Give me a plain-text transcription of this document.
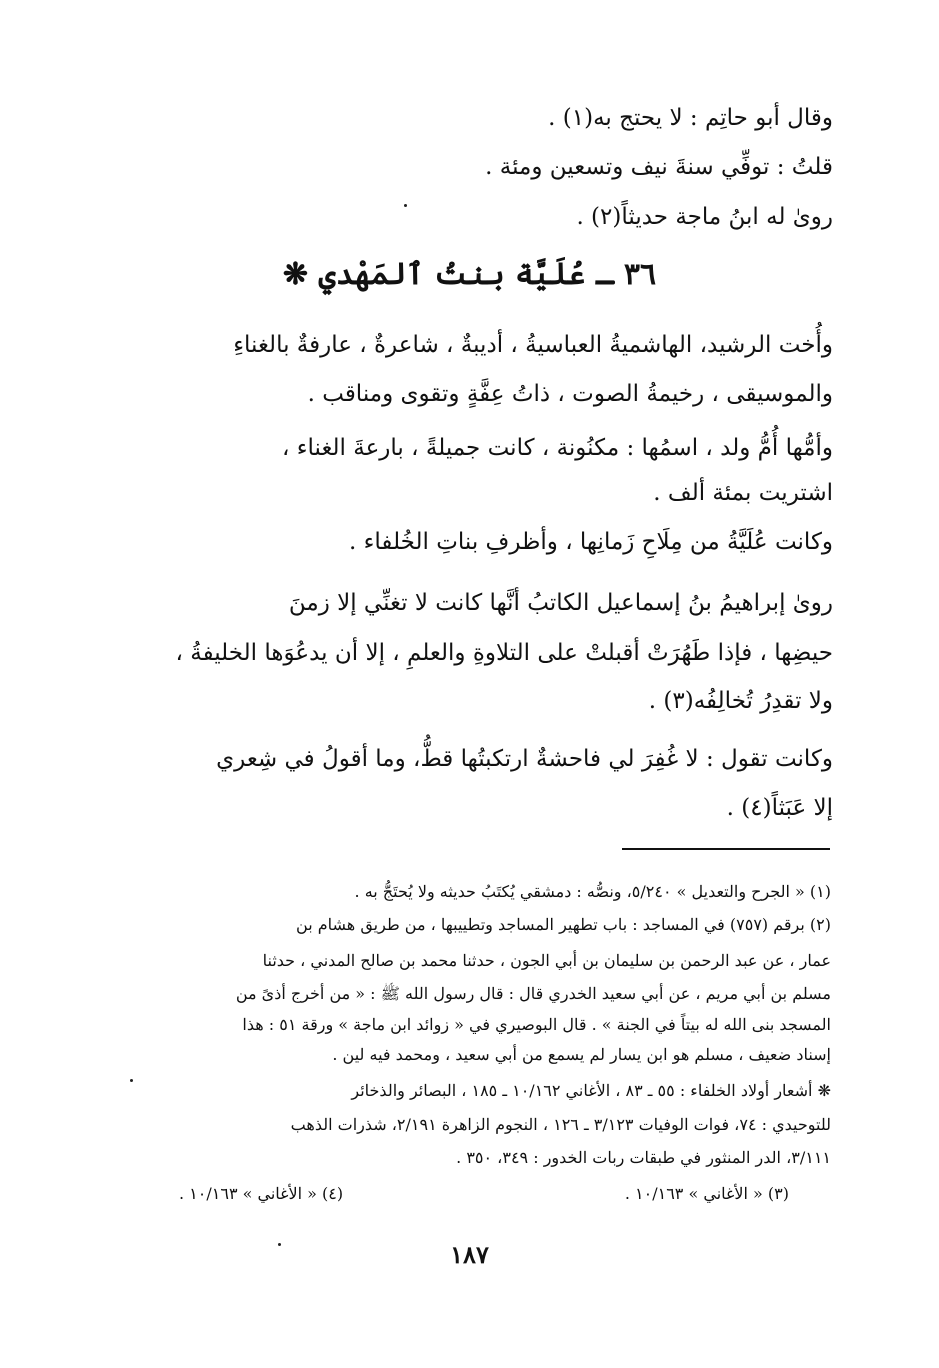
وقال أبو حاتِم : لا يحتج به(١) .
قلتُ : توفِّي سنةَ نيف وتسعين ومئة .
روىٰ له ابنُ ماجة حديثاً(٢) .
٣٦ ـ عُلَيَّة بنتُ ٱلمَهْدي ❋
وأُخت الرشيد، الهاشميةُ العباسيةُ ، أديبةٌ ، شاعرةٌ ، عارفةٌ بالغناءِ
والموسيقى ، رخيمةُ الصوت ، ذاتُ عِفَّةٍ وتقوى ومناقب .
وأمُّها أُمُّ ولد ، اسمُها : مكنُونة ، كانت جميلةً ، بارعةَ الغناء ،
اشتريت بمئة ألف .
وكانت عُلَيَّةُ من مِلَاحِ زَمانِها ، وأظرفِ بناتِ الخُلفاء .
روىٰ إبراهيمُ بنُ إسماعيل الكاتبُ أنَّها كانت لا تغنِّي إلا زمنَ
حيضِها ، فإذا طَهُرَتْ أقبلتْ على التلاوةِ والعلمِ ، إلا أن يدعُوَها الخليفةُ ،
ولا تقدِرُ تُخالِفُه(٣) .
وكانت تقول : لا غُفِرَ لي فاحشةٌ ارتكبتُها قطُّ، وما أقولُ في شِعري
إلا عَبَثاً(٤) .
(١) « الجرح والتعديل » ٥/٢٤٠، ونصُّه : دمشقي يُكتَبُ حديثه ولا يُحتَجُّ به .
(٢) برقم (٧٥٧) في المساجد : باب تطهير المساجد وتطييبها ، من طريق هشام بن
عمار ، عن عبد الرحمن بن سليمان بن أبي الجون ، حدثنا محمد بن صالح المدني ، حدثنا
مسلم بن أبي مريم ، عن أبي سعيد الخدري قال : قال رسول الله ﷺ : « من أخرج أذىً من
المسجد بنى الله له بيتاً في الجنة » . قال البوصيري في « زوائد ابن ماجة » ورقة ٥١ : هذا
إسناد ضعيف ، مسلم هو ابن يسار لم يسمع من أبي سعيد ، ومحمد فيه لين .
❋ أشعار أولاد الخلفاء : ٥٥ ـ ٨٣ ، الأغاني ١٠/١٦٢ ـ ١٨٥ ، البصائر والذخائر
للتوحيدي : ٧٤، فوات الوفيات ٣/١٢٣ ـ ١٢٦ ، النجوم الزاهرة ٢/١٩١، شذرات الذهب
٣/١١١، الدر المنثور في طبقات ربات الخدور : ٣٤٩، ٣٥٠ .
(٣) « الأغاني » ١٠/١٦٣ .
(٤) « الأغاني » ١٠/١٦٣ .
١٨٧
